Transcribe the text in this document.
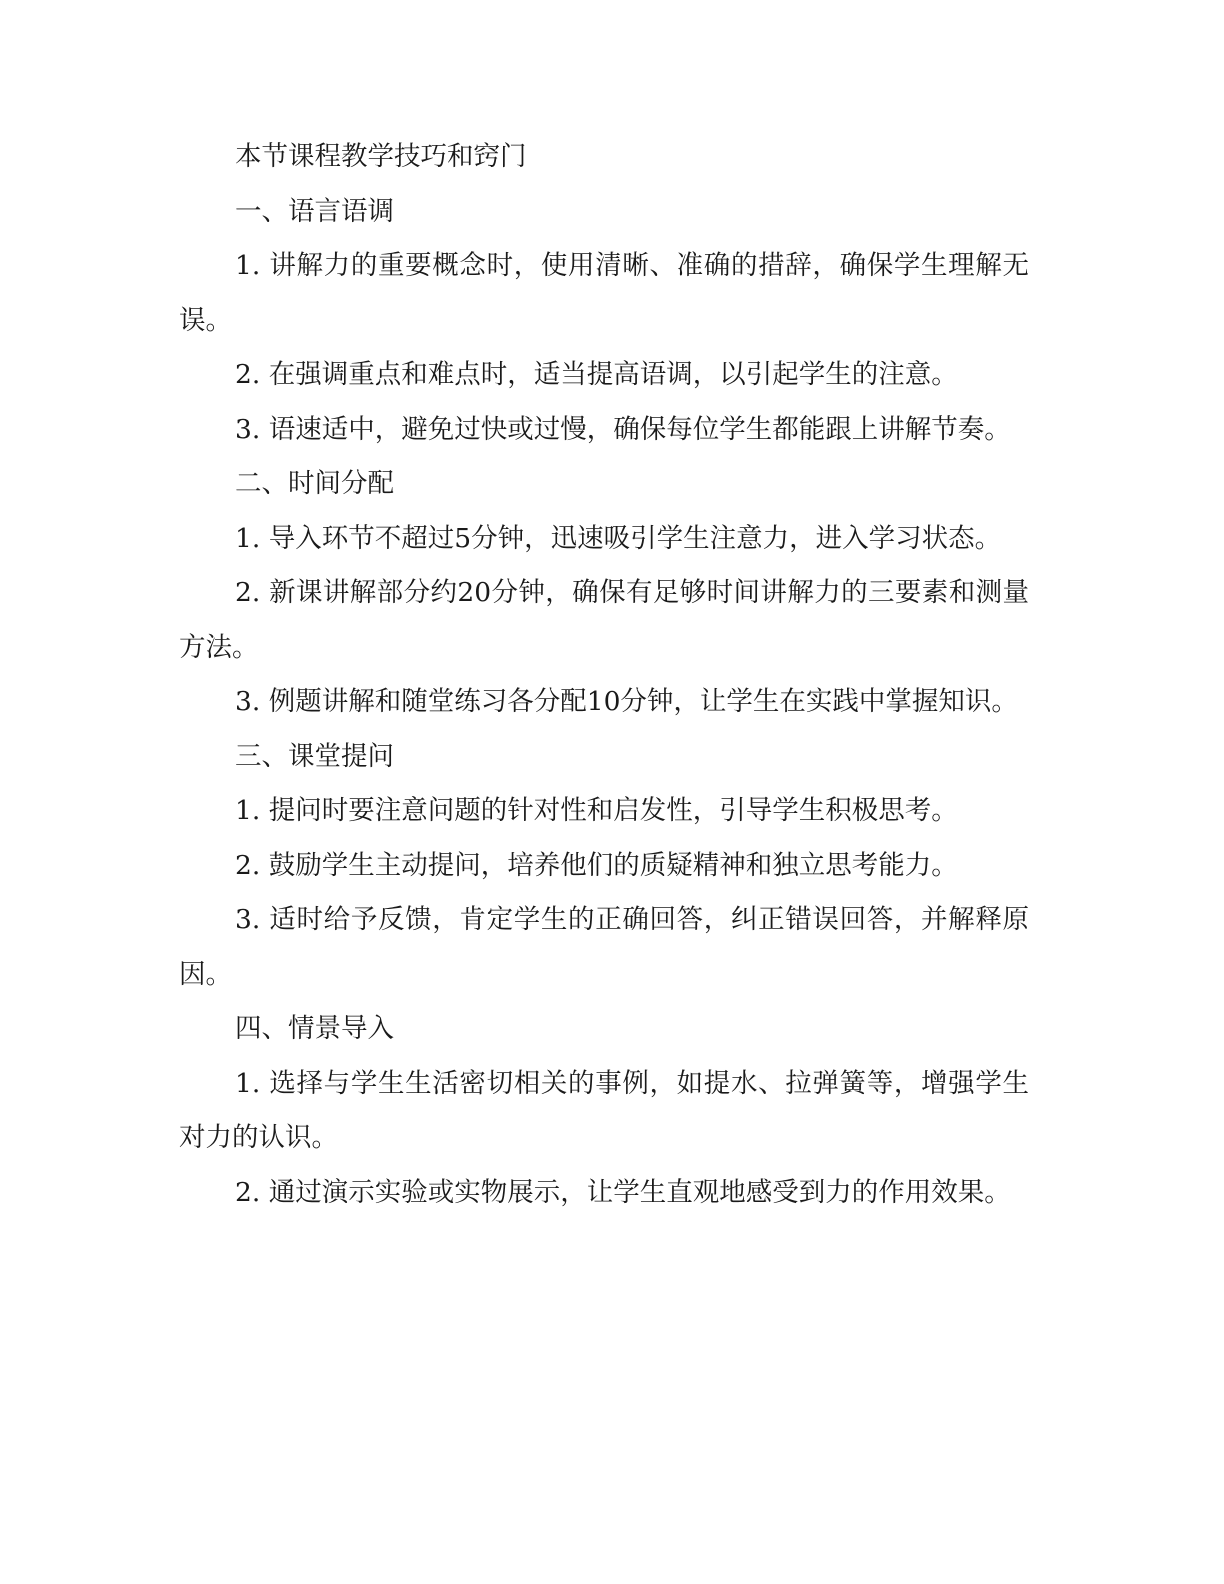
本节课程教学技巧和窍门

一、语言语调

1. 讲解力的重要概念时，使用清晰、准确的措辞，确保学生理解无误。

2. 在强调重点和难点时，适当提高语调，以引起学生的注意。

3. 语速适中，避免过快或过慢，确保每位学生都能跟上讲解节奏。

二、时间分配

1. 导入环节不超过5分钟，迅速吸引学生注意力，进入学习状态。

2. 新课讲解部分约20分钟，确保有足够时间讲解力的三要素和测量方法。

3. 例题讲解和随堂练习各分配10分钟，让学生在实践中掌握知识。

三、课堂提问

1. 提问时要注意问题的针对性和启发性，引导学生积极思考。

2. 鼓励学生主动提问，培养他们的质疑精神和独立思考能力。

3. 适时给予反馈，肯定学生的正确回答，纠正错误回答，并解释原因。

四、情景导入

1. 选择与学生生活密切相关的事例，如提水、拉弹簧等，增强学生对力的认识。

2. 通过演示实验或实物展示，让学生直观地感受到力的作用效果。
